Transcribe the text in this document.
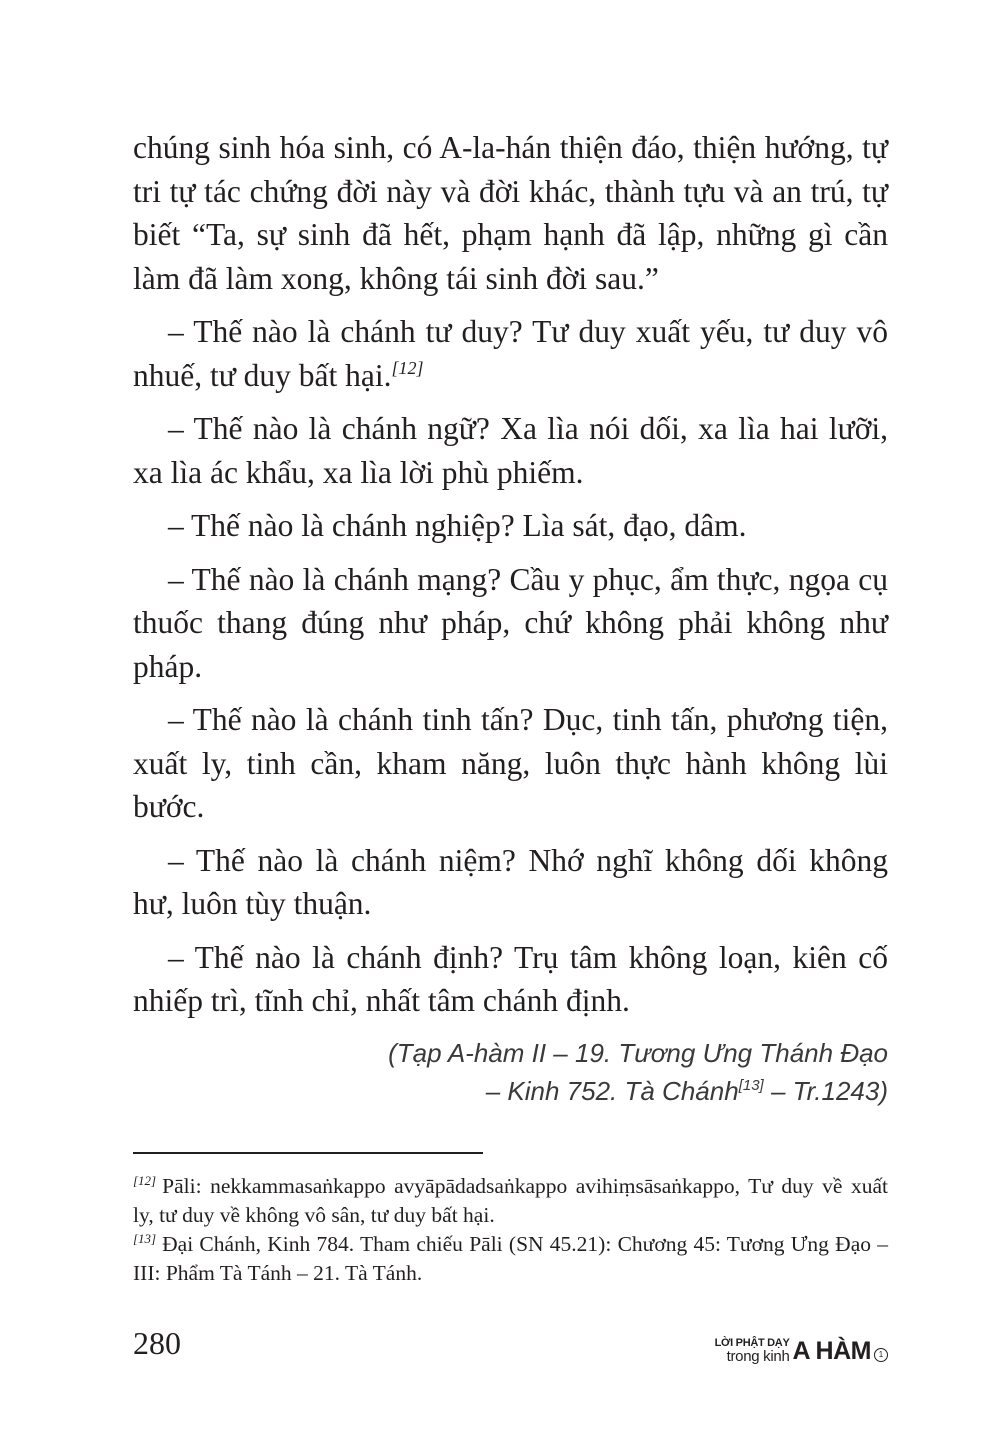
chúng sinh hóa sinh, có A-la-hán thiện đáo, thiện hướng, tự tri tự tác chứng đời này và đời khác, thành tựu và an trú, tự biết “Ta, sự sinh đã hết, phạm hạnh đã lập, những gì cần làm đã làm xong, không tái sinh đời sau.”

– Thế nào là chánh tư duy? Tư duy xuất yếu, tư duy vô nhuế, tư duy bất hại.[12]

– Thế nào là chánh ngữ? Xa lìa nói dối, xa lìa hai lưỡi, xa lìa ác khẩu, xa lìa lời phù phiếm.

– Thế nào là chánh nghiệp? Lìa sát, đạo, dâm.

– Thế nào là chánh mạng? Cầu y phục, ẩm thực, ngọa cụ thuốc thang đúng như pháp, chứ không phải không như pháp.

– Thế nào là chánh tinh tấn? Dục, tinh tấn, phương tiện, xuất ly, tinh cần, kham năng, luôn thực hành không lùi bước.

– Thế nào là chánh niệm? Nhớ nghĩ không dối không hư, luôn tùy thuận.

– Thế nào là chánh định? Trụ tâm không loạn, kiên cố nhiếp trì, tĩnh chỉ, nhất tâm chánh định.

(Tạp A-hàm II – 19. Tương Ưng Thánh Đạo
– Kinh 752. Tà Chánh[13] – Tr.1243)

[12] Pāli: nekkammasaṅkappo avyāpādadsaṅkappo avihiṃsāsaṅkappo, Tư duy về xuất ly, tư duy về không vô sân, tư duy bất hại.

[13] Đại Chánh, Kinh 784. Tham chiếu Pāli (SN 45.21): Chương 45: Tương Ưng Đạo – III: Phẩm Tà Tánh – 21. Tà Tánh.

280	LỜI PHẬT DẠY
trong kinh A HÀM 1
